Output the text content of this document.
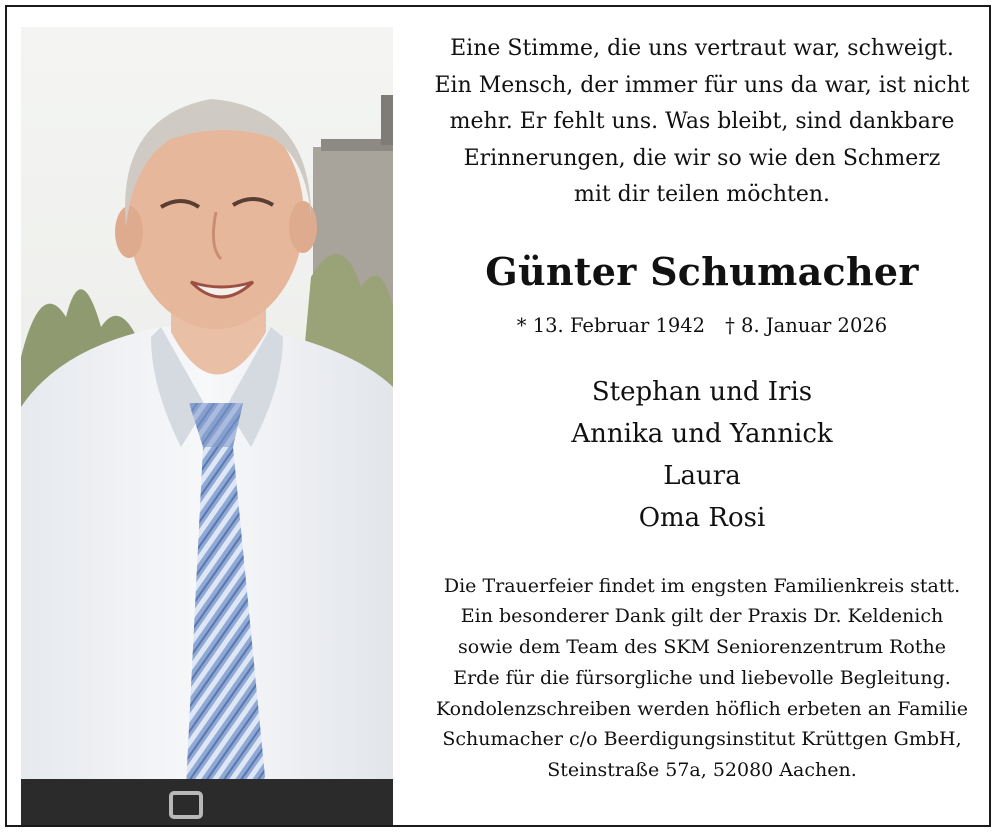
Eine Stimme, die uns vertraut war, schweigt.
Ein Mensch, der immer für uns da war, ist nicht
mehr. Er fehlt uns. Was bleibt, sind dankbare
Erinnerungen, die wir so wie den Schmerz
mit dir teilen möchten.
Günter Schumacher
* 13. Februar 1942 † 8. Januar 2026
Stephan und Iris
Annika und Yannick
Laura
Oma Rosi
Die Trauerfeier findet im engsten Familienkreis statt.
Ein besonderer Dank gilt der Praxis Dr. Keldenich
sowie dem Team des SKM Seniorenzentrum Rothe
Erde für die fürsorgliche und liebevolle Begleitung.
Kondolenzschreiben werden höflich erbeten an Familie
Schumacher c/o Beerdigungsinstitut Krüttgen GmbH,
Steinstraße 57a, 52080 Aachen.
